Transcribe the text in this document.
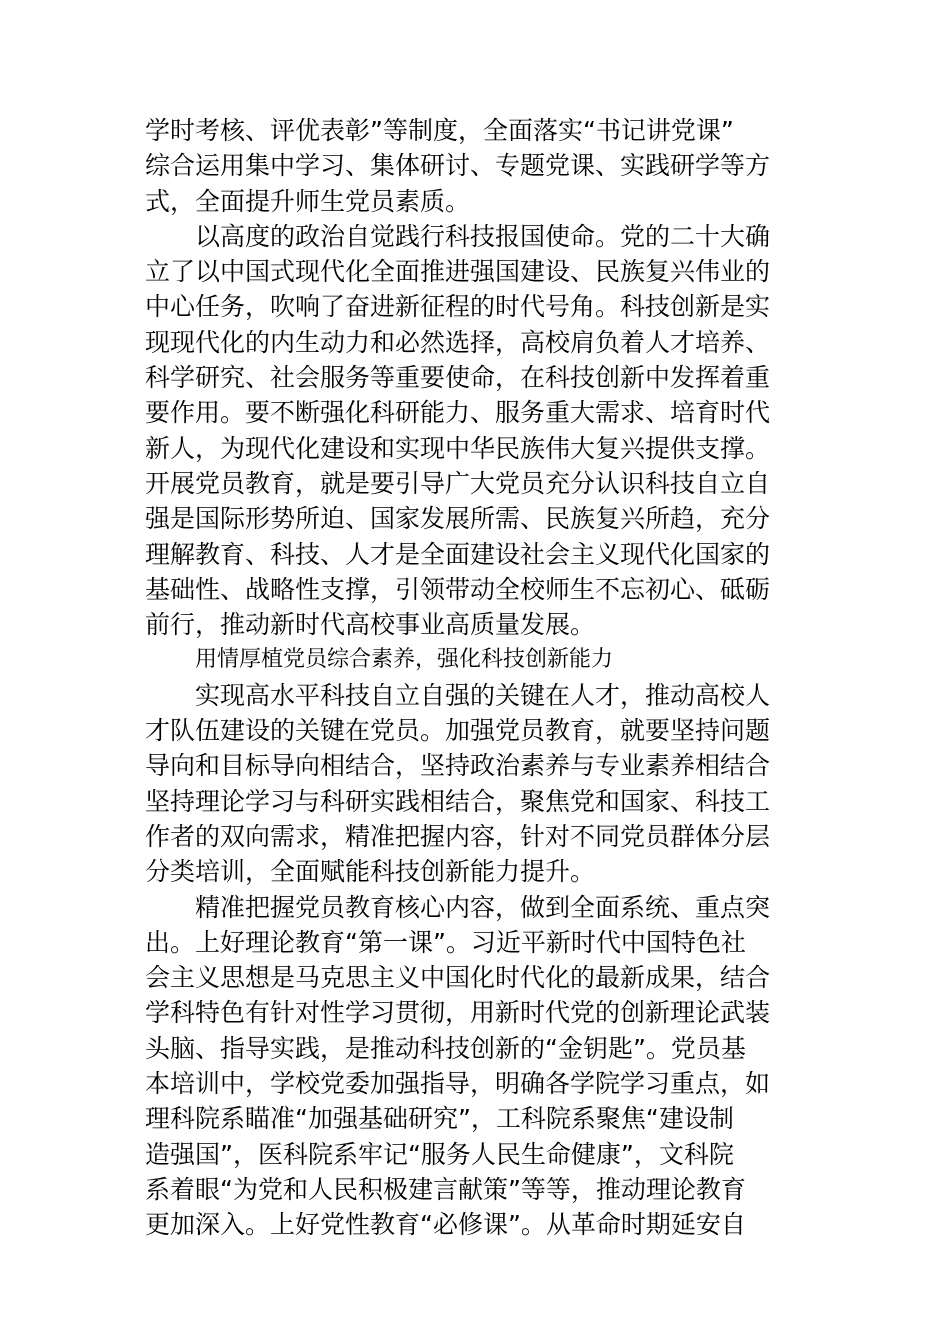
学时考核、评优表彰”等制度，全面落实“书记讲党课”
综合运用集中学习、集体研讨、专题党课、实践研学等方
式，全面提升师生党员素质。
以高度的政治自觉践行科技报国使命。党的二十大确
立了以中国式现代化全面推进强国建设、民族复兴伟业的
中心任务，吹响了奋进新征程的时代号角。科技创新是实
现现代化的内生动力和必然选择，高校肩负着人才培养、
科学研究、社会服务等重要使命，在科技创新中发挥着重
要作用。要不断强化科研能力、服务重大需求、培育时代
新人，为现代化建设和实现中华民族伟大复兴提供支撑。
开展党员教育，就是要引导广大党员充分认识科技自立自
强是国际形势所迫、国家发展所需、民族复兴所趋，充分
理解教育、科技、人才是全面建设社会主义现代化国家的
基础性、战略性支撑，引领带动全校师生不忘初心、砥砺
前行，推动新时代高校事业高质量发展。
用情厚植党员综合素养，强化科技创新能力
实现高水平科技自立自强的关键在人才，推动高校人
才队伍建设的关键在党员。加强党员教育，就要坚持问题
导向和目标导向相结合，坚持政治素养与专业素养相结合
坚持理论学习与科研实践相结合，聚焦党和国家、科技工
作者的双向需求，精准把握内容，针对不同党员群体分层
分类培训，全面赋能科技创新能力提升。
精准把握党员教育核心内容，做到全面系统、重点突
出。上好理论教育“第一课”。习近平新时代中国特色社
会主义思想是马克思主义中国化时代化的最新成果，结合
学科特色有针对性学习贯彻，用新时代党的创新理论武装
头脑、指导实践，是推动科技创新的“金钥匙”。党员基
本培训中，学校党委加强指导，明确各学院学习重点，如
理科院系瞄准“加强基础研究”，工科院系聚焦“建设制
造强国”，医科院系牢记“服务人民生命健康”，文科院
系着眼“为党和人民积极建言献策”等等，推动理论教育
更加深入。上好党性教育“必修课”。从革命时期延安自
